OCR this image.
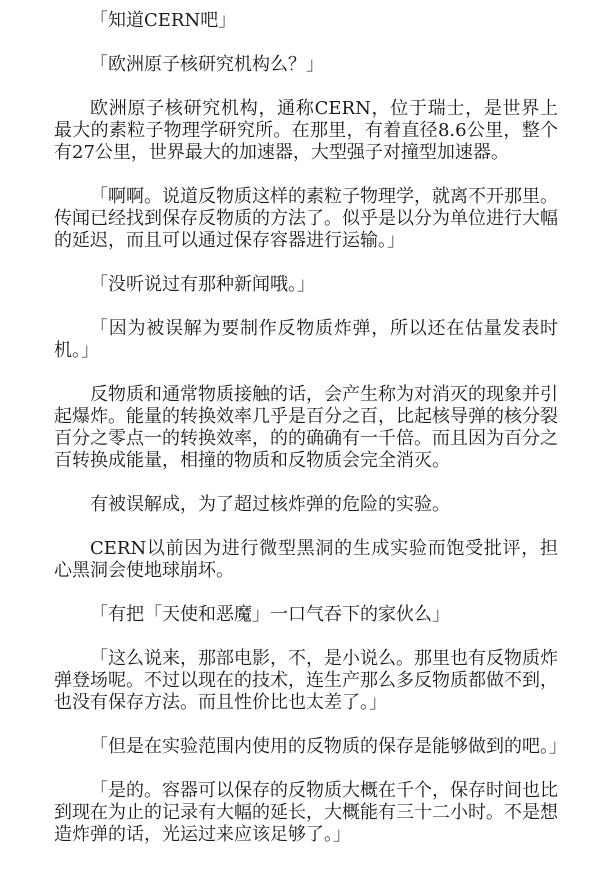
「知道CERN吧」

「欧洲原子核研究机构么？」

欧洲原子核研究机构，通称CERN，位于瑞士，是世界上最大的素粒子物理学研究所。在那里，有着直径8.6公里，整个有27公里，世界最大的加速器，大型强子对撞型加速器。

「啊啊。说道反物质这样的素粒子物理学，就离不开那里。传闻已经找到保存反物质的方法了。似乎是以分为单位进行大幅的延迟，而且可以通过保存容器进行运输。」

「没听说过有那种新闻哦。」

「因为被误解为要制作反物质炸弹，所以还在估量发表时机。」

反物质和通常物质接触的话，会产生称为对消灭的现象并引起爆炸。能量的转换效率几乎是百分之百，比起核导弹的核分裂百分之零点一的转换效率，的的确确有一千倍。而且因为百分之百转换成能量，相撞的物质和反物质会完全消灭。

有被误解成，为了超过核炸弹的危险的实验。

CERN以前因为进行微型黑洞的生成实验而饱受批评，担心黑洞会使地球崩坏。

「有把「天使和恶魔」一口气吞下的家伙么」

「这么说来，那部电影，不，是小说么。那里也有反物质炸弹登场呢。不过以现在的技术，连生产那么多反物质都做不到，也没有保存方法。而且性价比也太差了。」

「但是在实验范围内使用的反物质的保存是能够做到的吧。」

「是的。容器可以保存的反物质大概在千个，保存时间也比到现在为止的记录有大幅的延长，大概能有三十二小时。不是想造炸弹的话，光运过来应该足够了。」
